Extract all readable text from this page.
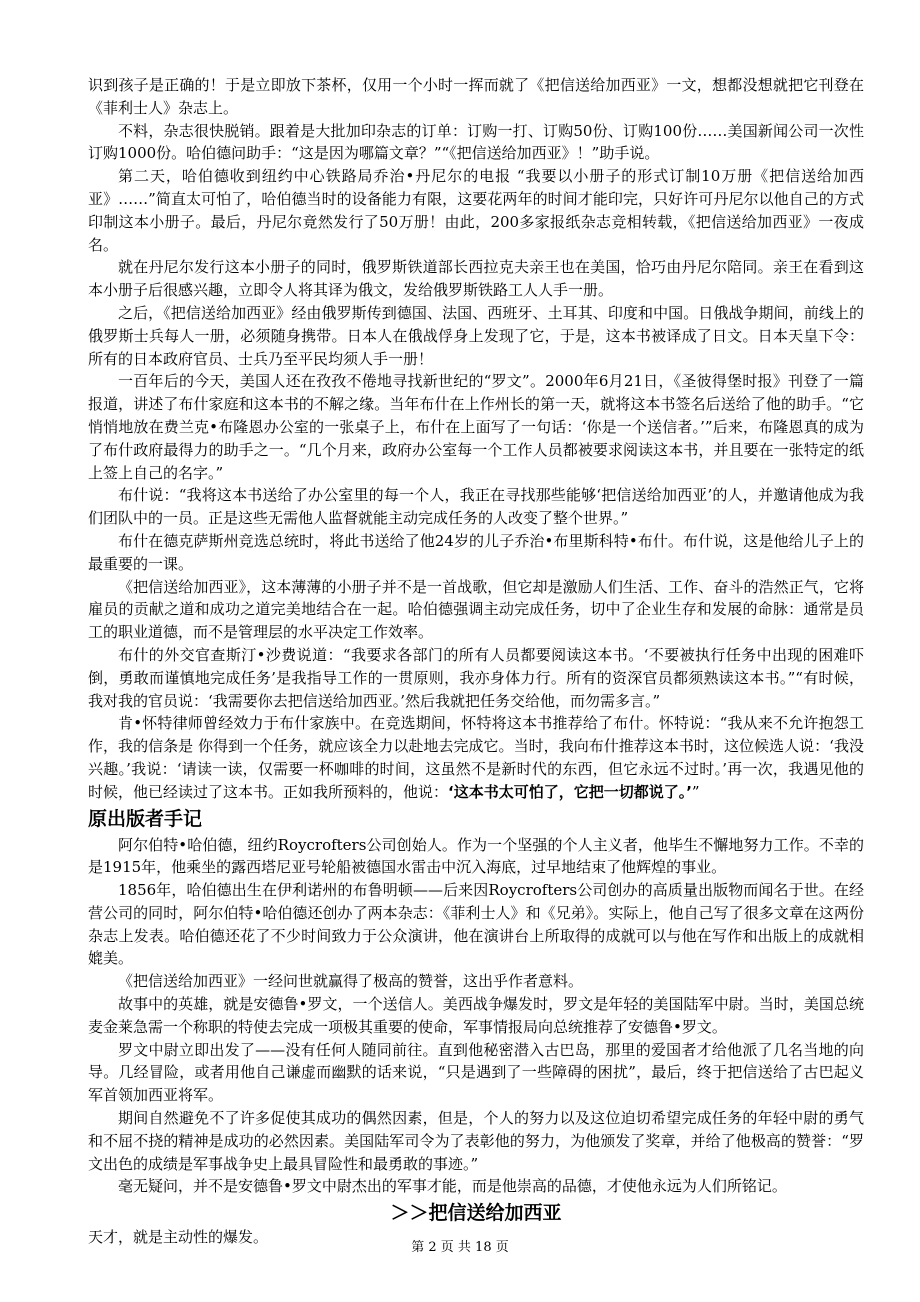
识到孩子是正确的！于是立即放下茶杯，仅用一个小时一挥而就了《把信送给加西亚》一文，想都没想就把它刊登在《菲利士人》杂志上。

不料，杂志很快脱销。跟着是大批加印杂志的订单：订购一打、订购50份、订购100份……美国新闻公司一次性订购1000份。哈伯德问助手：“这是因为哪篇文章？”“《把信送给加西亚》！”助手说。

第二天，哈伯德收到纽约中心铁路局乔治•丹尼尔的电报 “我要以小册子的形式订制10万册《把信送给加西亚》……”简直太可怕了，哈伯德当时的设备能力有限，这要花两年的时间才能印完，只好许可丹尼尔以他自己的方式印制这本小册子。最后，丹尼尔竟然发行了50万册！由此，200多家报纸杂志竞相转载，《把信送给加西亚》一夜成名。

就在丹尼尔发行这本小册子的同时，俄罗斯铁道部长西拉克夫亲王也在美国，恰巧由丹尼尔陪同。亲王在看到这本小册子后很感兴趣，立即令人将其译为俄文，发给俄罗斯铁路工人人手一册。

之后，《把信送给加西亚》经由俄罗斯传到德国、法国、西班牙、土耳其、印度和中国。日俄战争期间，前线上的俄罗斯士兵每人一册，必须随身携带。日本人在俄战俘身上发现了它，于是，这本书被译成了日文。日本天皇下令：所有的日本政府官员、士兵乃至平民均须人手一册！

一百年后的今天，美国人还在孜孜不倦地寻找新世纪的“罗文”。2000年6月21日，《圣彼得堡时报》刊登了一篇报道，讲述了布什家庭和这本书的不解之缘。当年布什在上作州长的第一天，就将这本书签名后送给了他的助手。“它悄悄地放在费兰克•布隆恩办公室的一张桌子上，布什在上面写了一句话：‘你是一个送信者。’”后来，布隆恩真的成为了布什政府最得力的助手之一。“几个月来，政府办公室每一个工作人员都被要求阅读这本书，并且要在一张特定的纸上签上自己的名字。”

布什说：“我将这本书送给了办公室里的每一个人，我正在寻找那些能够‘把信送给加西亚’的人，并邀请他成为我们团队中的一员。正是这些无需他人监督就能主动完成任务的人改变了整个世界。”

布什在德克萨斯州竞选总统时，将此书送给了他24岁的儿子乔治•布里斯科特•布什。布什说，这是他给儿子上的最重要的一课。

《把信送给加西亚》，这本薄薄的小册子并不是一首战歌，但它却是激励人们生活、工作、奋斗的浩然正气，它将雇员的贡献之道和成功之道完美地结合在一起。哈伯德强调主动完成任务，切中了企业生存和发展的命脉：通常是员工的职业道德，而不是管理层的水平决定工作效率。

布什的外交官查斯汀•沙费说道：“我要求各部门的所有人员都要阅读这本书。‘不要被执行任务中出现的困难吓倒，勇敢而谨慎地完成任务’是我指导工作的一贯原则，我亦身体力行。所有的资深官员都须熟读这本书。”“有时候，我对我的官员说：‘我需要你去把信送给加西亚。’然后我就把任务交给他，而勿需多言。”

肯•怀特律师曾经效力于布什家族中。在竞选期间，怀特将这本书推荐给了布什。怀特说：“我从来不允许抱怨工作，我的信条是 你得到一个任务，就应该全力以赴地去完成它。当时，我向布什推荐这本书时，这位候选人说：‘我没兴趣。’我说：‘请读一读，仅需要一杯咖啡的时间，这虽然不是新时代的东西，但它永远不过时。’再一次，我遇见他的时候，他已经读过了这本书。正如我所预料的，他说：‘这本书太可怕了，它把一切都说了。’”

原出版者手记

阿尔伯特•哈伯德，纽约Roycrofters公司创始人。作为一个坚强的个人主义者，他毕生不懈地努力工作。不幸的是1915年，他乘坐的露西塔尼亚号轮船被德国水雷击中沉入海底，过早地结束了他辉煌的事业。

1856年，哈伯德出生在伊利诺州的布鲁明顿——后来因Roycrofters公司创办的高质量出版物而闻名于世。在经营公司的同时，阿尔伯特•哈伯德还创办了两本杂志：《菲利士人》和《兄弟》。实际上，他自己写了很多文章在这两份杂志上发表。哈伯德还花了不少时间致力于公众演讲，他在演讲台上所取得的成就可以与他在写作和出版上的成就相媲美。

《把信送给加西亚》一经问世就赢得了极高的赞誉，这出乎作者意料。

故事中的英雄，就是安德鲁•罗文，一个送信人。美西战争爆发时，罗文是年轻的美国陆军中尉。当时，美国总统麦金莱急需一个称职的特使去完成一项极其重要的使命，军事情报局向总统推荐了安德鲁•罗文。

罗文中尉立即出发了——没有任何人随同前往。直到他秘密潜入古巴岛，那里的爱国者才给他派了几名当地的向导。几经冒险，或者用他自己谦虚而幽默的话来说，“只是遇到了一些障碍的困扰”，最后，终于把信送给了古巴起义军首领加西亚将军。

期间自然避免不了许多促使其成功的偶然因素，但是，个人的努力以及这位迫切希望完成任务的年轻中尉的勇气和不屈不挠的精神是成功的必然因素。美国陆军司令为了表彰他的努力，为他颁发了奖章，并给了他极高的赞誉：“罗文出色的成绩是军事战争史上最具冒险性和最勇敢的事迹。”

毫无疑问，并不是安德鲁•罗文中尉杰出的军事才能，而是他崇高的品德，才使他永远为人们所铭记。

＞＞把信送给加西亚

天才，就是主动性的爆发。

第 2 页 共 18 页
